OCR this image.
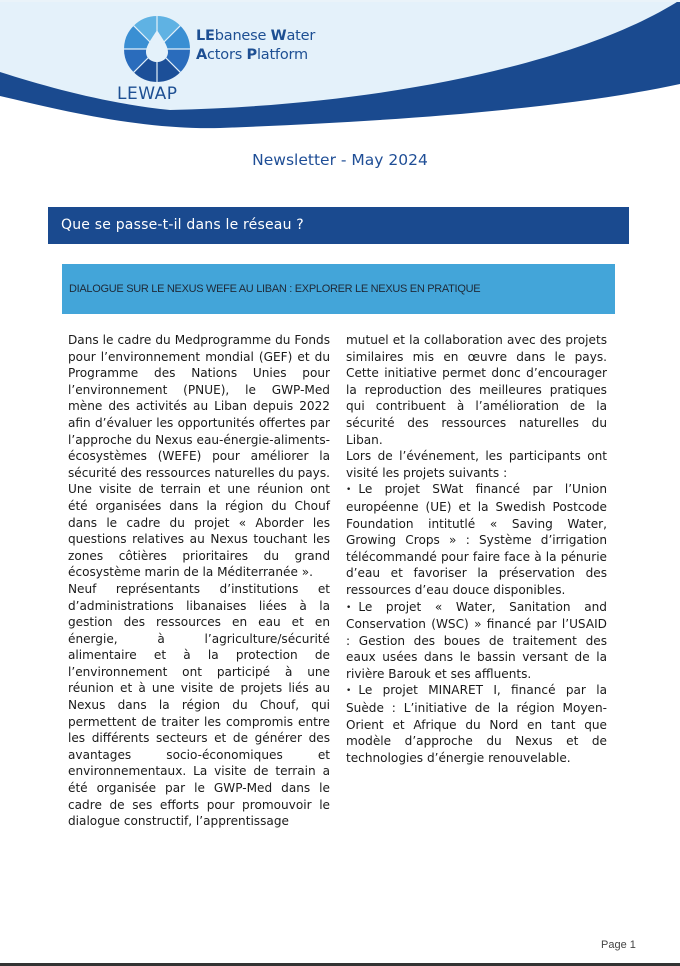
LEWAP
LEbanese Water
Actors Platform
Newsletter - May 2024
Que se passe-t-il dans le réseau ?
DIALOGUE SUR LE NEXUS WEFE AU LIBAN : EXPLORER LE NEXUS EN PRATIQUE

Dans le cadre du Medprogramme du Fonds pour l’environnement mondial (GEF) et du Programme des Nations Unies pour l’environnement (PNUE), le GWP-Med mène des activités au Liban depuis 2022 afin d’évaluer les opportunités offertes par l’approche du Nexus eau-énergie-aliments-écosystèmes (WEFE) pour améliorer la sécurité des ressources naturelles du pays. Une visite de terrain et une réunion ont été organisées dans la région du Chouf dans le cadre du projet « Aborder les questions relatives au Nexus touchant les zones côtières prioritaires du grand écosystème marin de la Méditerranée ».

Neuf représentants d’institutions et d’administrations libanaises liées à la gestion des ressources en eau et en énergie, à l’agriculture/sécurité alimentaire et à la protection de l’environnement ont participé à une réunion et à une visite de projets liés au Nexus dans la région du Chouf, qui permettent de traiter les compromis entre les différents secteurs et de générer des avantages socio-économiques et environnementaux. La visite de terrain a été organisée par le GWP-Med dans le cadre de ses efforts pour promouvoir le dialogue constructif, l’apprentissage

mutuel et la collaboration avec des projets similaires mis en œuvre dans le pays. Cette initiative permet donc d’encourager la reproduction des meilleures pratiques qui contribuent à l’amélioration de la sécurité des ressources naturelles du Liban.

Lors de l’événement, les participants ont visité les projets suivants :

• Le projet SWat financé par l’Union européenne (UE) et la Swedish Postcode Foundation intitutlé « Saving Water, Growing Crops » : Système d’irrigation télécommandé pour faire face à la pénurie d’eau et favoriser la préservation des ressources d’eau douce disponibles.

• Le projet « Water, Sanitation and Conservation (WSC) » financé par l’USAID : Gestion des boues de traitement des eaux usées dans le bassin versant de la rivière Barouk et ses affluents.

• Le projet MINARET I, financé par la Suède : L’initiative de la région Moyen-Orient et Afrique du Nord en tant que modèle d’approche du Nexus et de technologies d’énergie renouvelable.

Page 1
